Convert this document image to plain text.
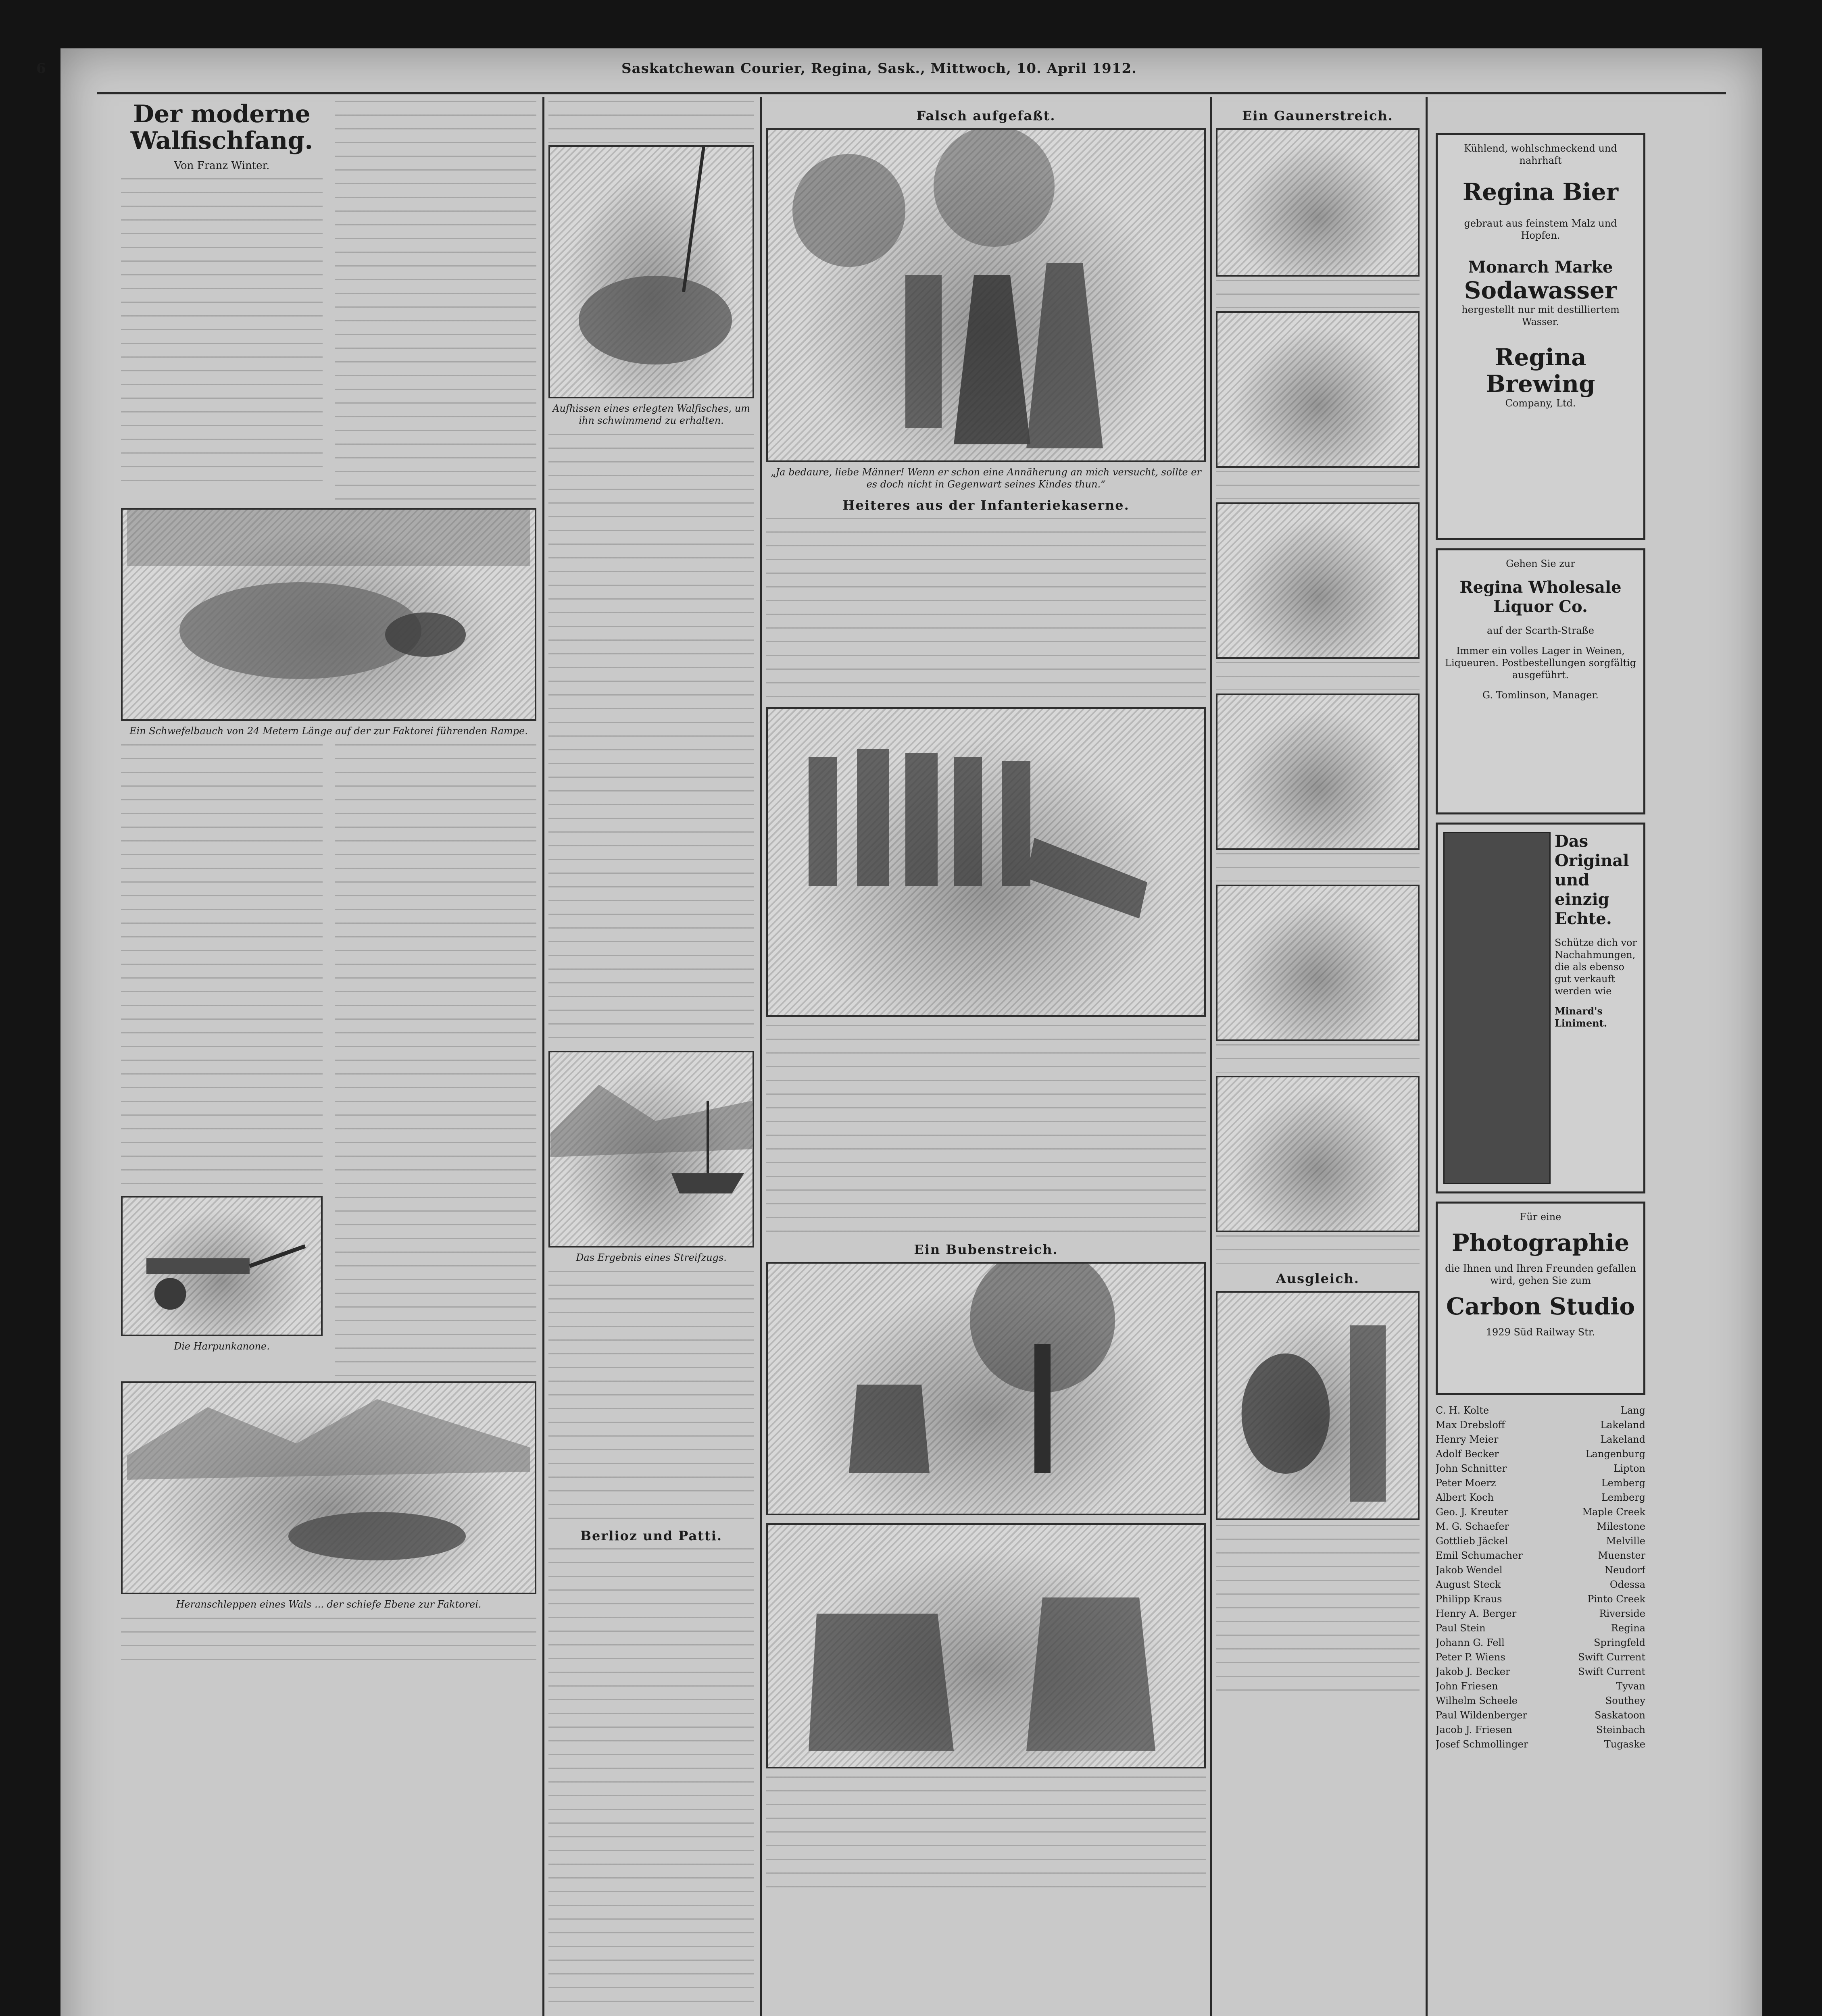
6	Saskatchewan Courier, Regina, Sask., Mittwoch, 10. April 1912.
Der moderne Walfischfang.
Von Franz Winter.
Ein Schwefelbauch von 24 Metern Länge auf der zur Faktorei führenden Rampe.
Die Harpunkanone.
Heranschleppen eines Wals ... der schiefe Ebene zur Faktorei.
Aufhissen eines erlegten Walfisches, um ihn schwimmend zu erhalten.
Das Ergebnis eines Streifzugs.
Berlioz und Patti.
Falsch aufgefaßt.
„Ja bedaure, liebe Männer! Wenn er schon eine Annäherung an mich versucht, sollte er es doch nicht in Gegenwart seines Kindes thun.“
Heiteres aus der Infanteriekaserne.
Ein Bubenstreich.
Ein Gaunerstreich.
Ausgleich.
Kühlend, wohlschmeckend und nahrhaft
Regina Bier
gebraut aus feinstem Malz und Hopfen.
Monarch Marke
Sodawasser
hergestellt nur mit destilliertem Wasser.
Regina Brewing
Company, Ltd.
Gehen Sie zur
Regina Wholesale Liquor Co.
auf der Scarth-Straße
Immer ein volles Lager in Weinen, Liqueuren. Postbestellungen sorgfältig ausgeführt.
G. Tomlinson, Manager.
Das Original und einzig Echte.
Schütze dich vor Nachahmungen, die als ebenso gut verkauft werden wie
Minard's Liniment.
Für eine
Photographie
die Ihnen und Ihren Freunden gefallen wird, gehen Sie zum
Carbon Studio
1929 Süd Railway Str.
C. H. Kolte	Lang
Max Drebsloff	Lakeland
Henry Meier	Lakeland
Adolf Becker	Langenburg
John Schnitter	Lipton
Peter Moerz	Lemberg
Albert Koch	Lemberg
Geo. J. Kreuter	Maple Creek
M. G. Schaefer	Milestone
Gottlieb Jäckel	Melville
Emil Schumacher	Muenster
Jakob Wendel	Neudorf
August Steck	Odessa
Philipp Kraus	Pinto Creek
Henry A. Berger	Riverside
Paul Stein	Regina
Johann G. Fell	Springfeld
Peter P. Wiens	Swift Current
Jakob J. Becker	Swift Current
John Friesen	Tyvan
Wilhelm Scheele	Southey
Paul Wildenberger	Saskatoon
Jacob J. Friesen	Steinbach
Josef Schmollinger	Tugaske
